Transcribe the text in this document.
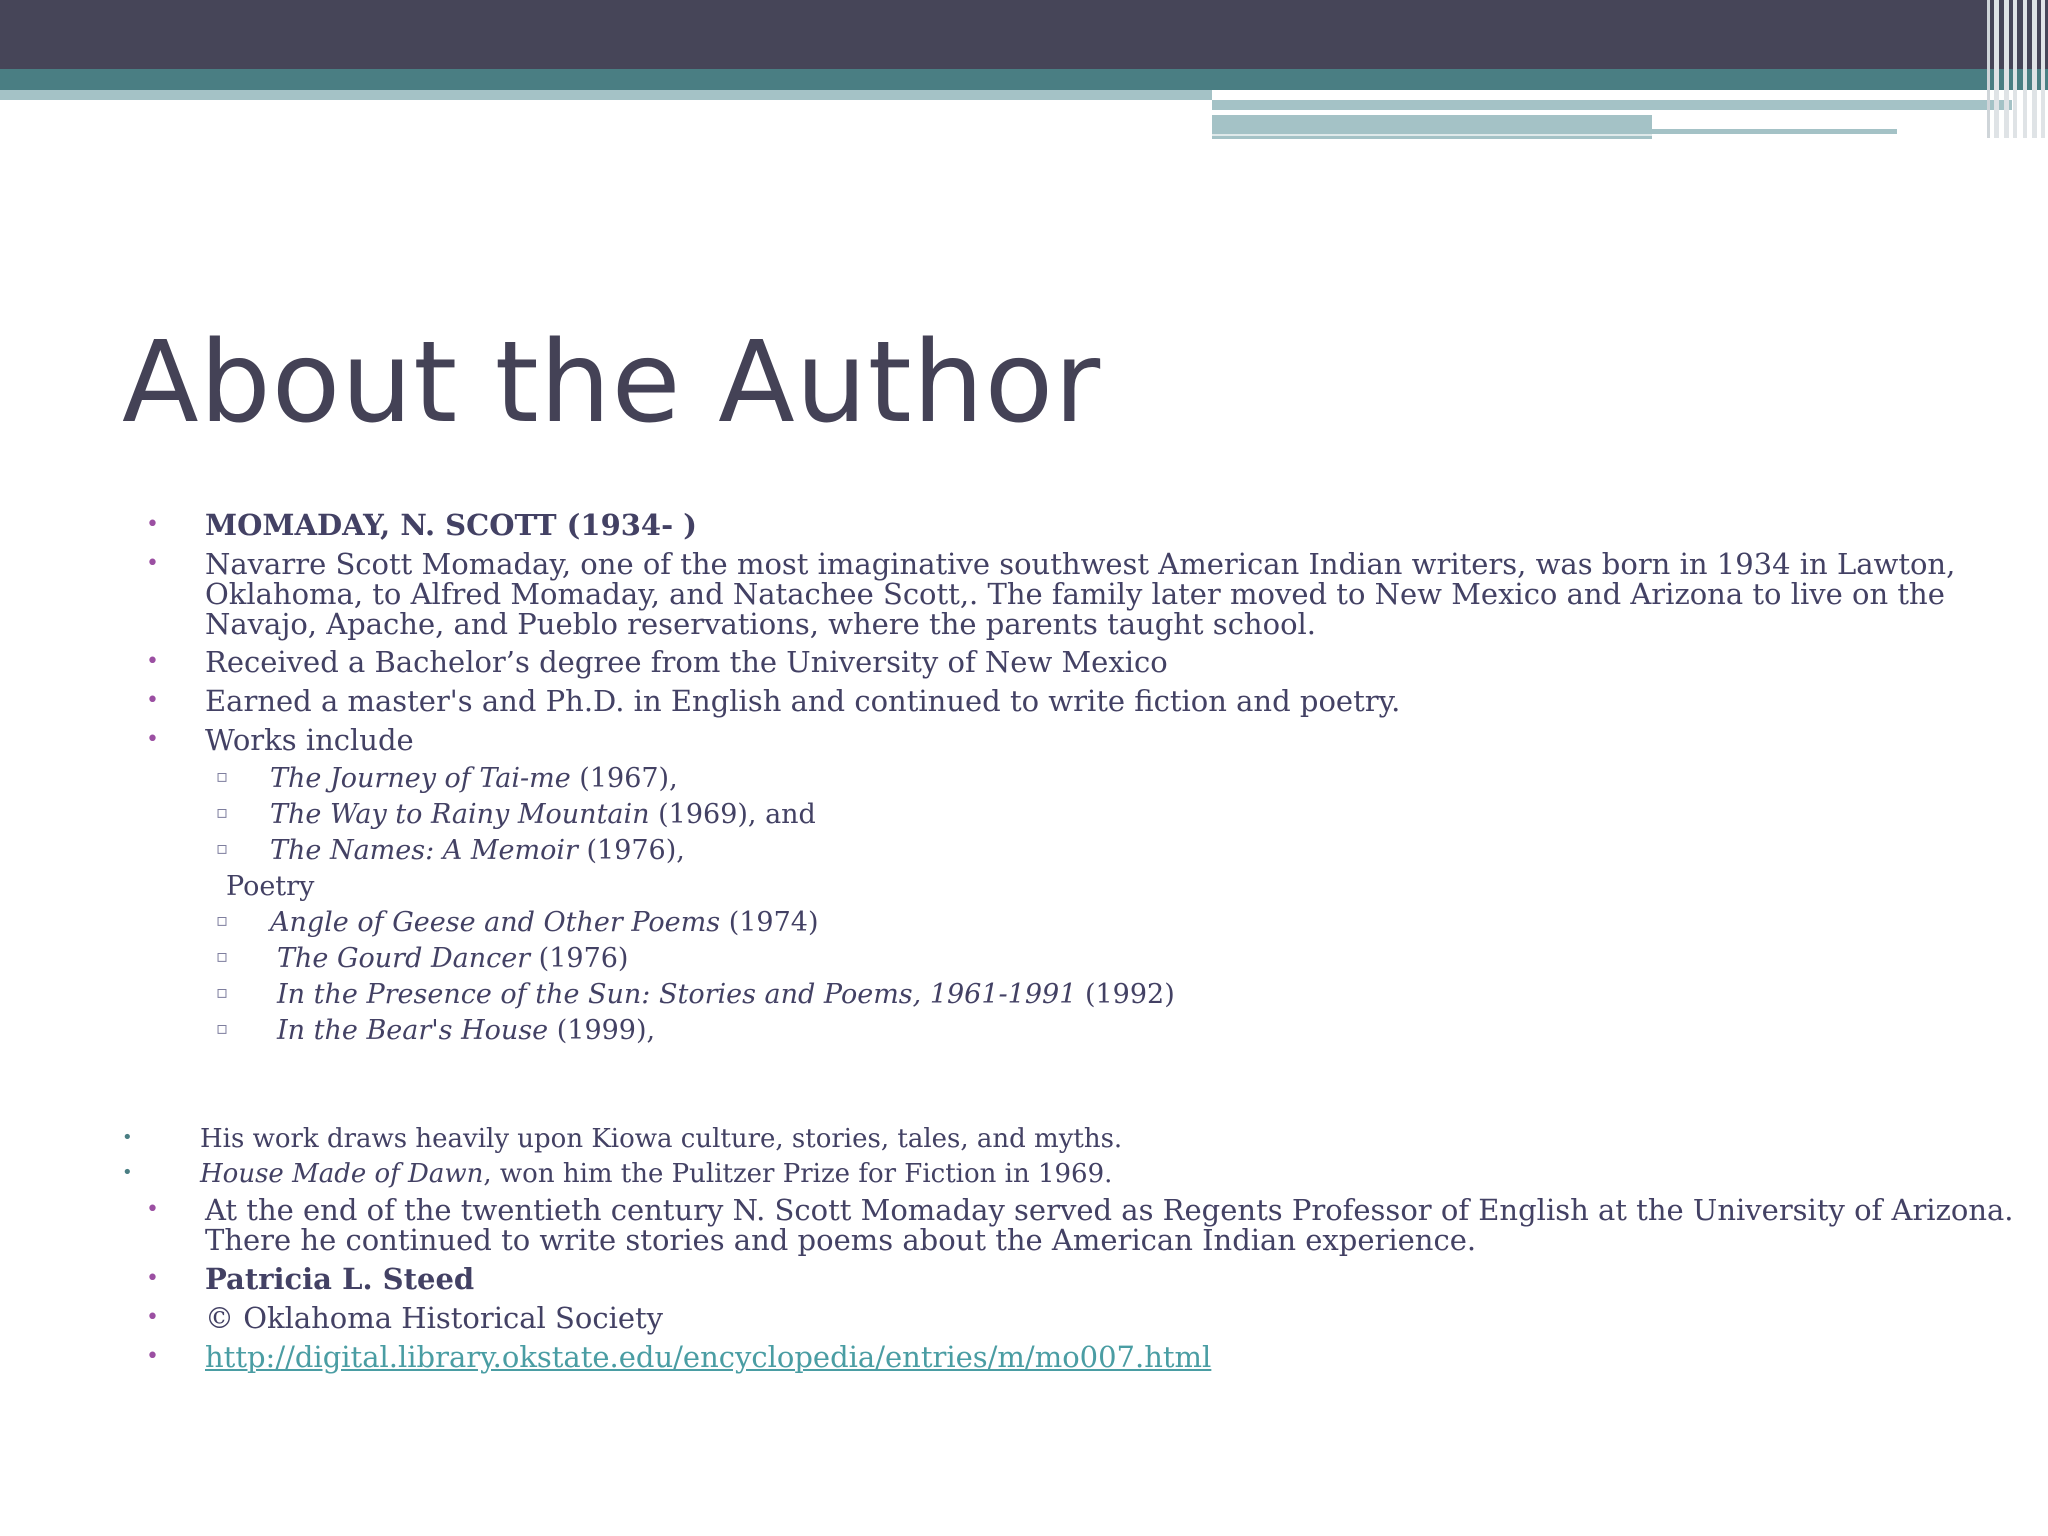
About the Author
• MOMADAY, N. SCOTT (1934- )
• Navarre Scott Momaday, one of the most imaginative southwest American Indian writers, was born in 1934 in Lawton,
Oklahoma, to Alfred Momaday, and Natachee Scott,. The family later moved to New Mexico and Arizona to live on the
Navajo, Apache, and Pueblo reservations, where the parents taught school.
• Received a Bachelor’s degree from the University of New Mexico
• Earned a master's and Ph.D. in English and continued to write fiction and poetry.
• Works include
▫ The Journey of Tai-me (1967),
▫ The Way to Rainy Mountain (1969), and
▫ The Names: A Memoir (1976),
Poetry
▫ Angle of Geese and Other Poems (1974)
▫ The Gourd Dancer (1976)
▫ In the Presence of the Sun: Stories and Poems, 1961-1991 (1992)
▫ In the Bear's House (1999),
•	His work draws heavily upon Kiowa culture, stories, tales, and myths.
•	House Made of Dawn, won him the Pulitzer Prize for Fiction in 1969.
• At the end of the twentieth century N. Scott Momaday served as Regents Professor of English at the University of Arizona.
There he continued to write stories and poems about the American Indian experience.
• Patricia L. Steed
• © Oklahoma Historical Society
• http://digital.library.okstate.edu/encyclopedia/entries/m/mo007.html
